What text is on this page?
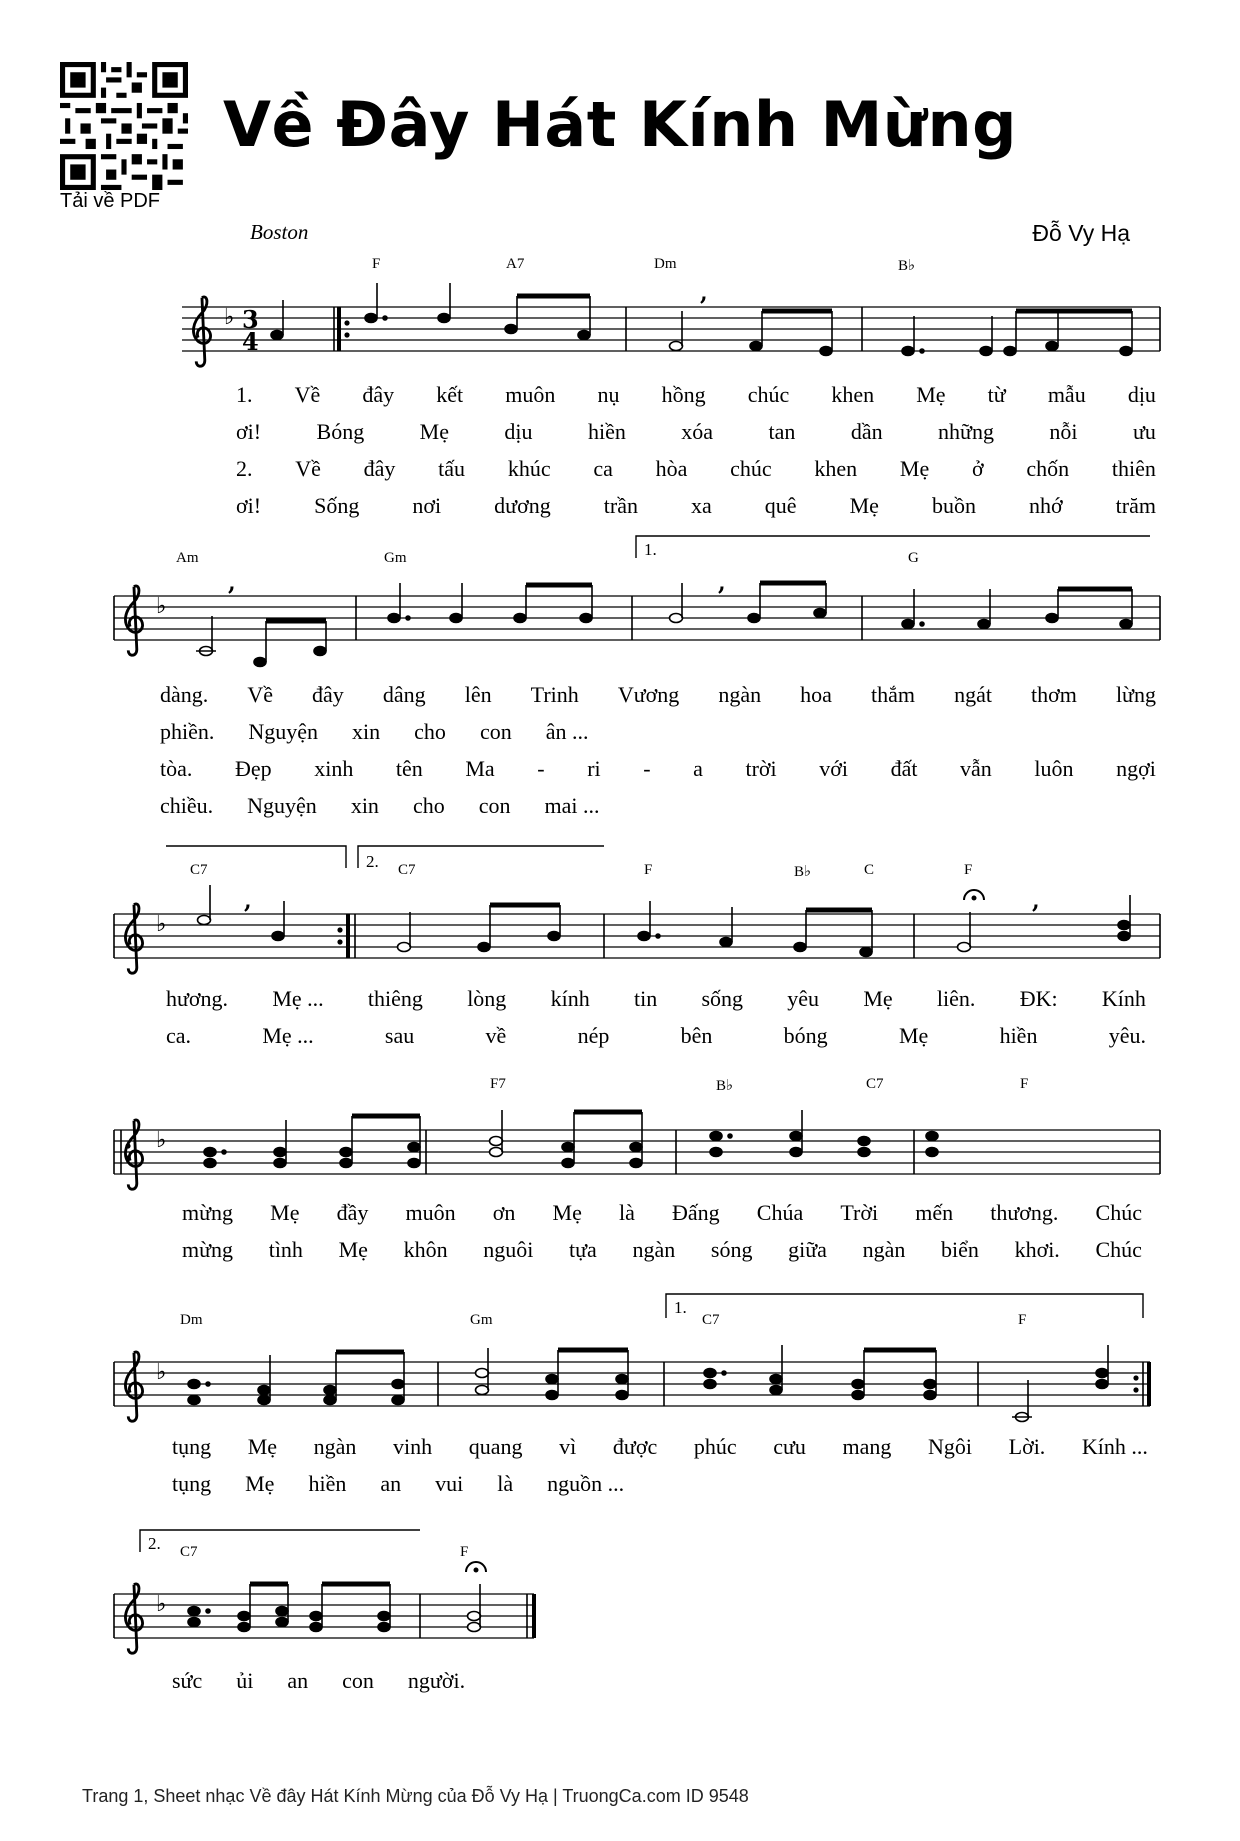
Tải về PDF
Về Đây Hát Kính Mừng
Boston	Đỗ Vy Hạ
♭
♭
♭
♭
♭
♭
3
4
,
,	,
,	,
1.
2.
1.
2.
F	A7	Dm	B♭
Am	Gm	G
C7	C7	F	B♭	C	F
F7	B♭	C7	F
Dm	Gm	C7	F
C7	F
1. Về đây kết muôn nụ hồng chúc khen Mẹ từ mẫu dịu
ơi!	Bóng	Mẹ	dịu	hiền	xóa	tan	dần	những	nỗi	ưu
2. Về đây tấu khúc ca hòa chúc khen Mẹ ở chốn thiên
ơi! Sống nơi dương trần xa quê Mẹ buồn nhớ trăm
dàng. Về đây dâng lên Trinh Vương ngàn hoa thắm ngát thơm lừng
phiền. Nguyện xin cho con ân ...
tòa. Đẹp xinh tên Ma - ri - a trời với đất vẫn luôn ngợi
chiều. Nguyện xin cho con mai ...
hương. Mẹ ... thiêng lòng kính tin sống yêu Mẹ liên. ĐK: Kính
ca.	Mẹ ...	sau	về	nép	bên	bóng	Mẹ	hiền	yêu.
mừng Mẹ đầy muôn ơn Mẹ là Đấng Chúa Trời mến thương. Chúc
mừng tình Mẹ khôn nguôi tựa ngàn sóng giữa ngàn biển khơi. Chúc
tụng Mẹ ngàn vinh quang vì được phúc cưu mang Ngôi Lời. Kính ...
tụng Mẹ hiền an vui là nguồn ...
sức ủi an con người.
Trang 1, Sheet nhạc Về đây Hát Kính Mừng của Đỗ Vy Hạ | TruongCa.com ID 9548
